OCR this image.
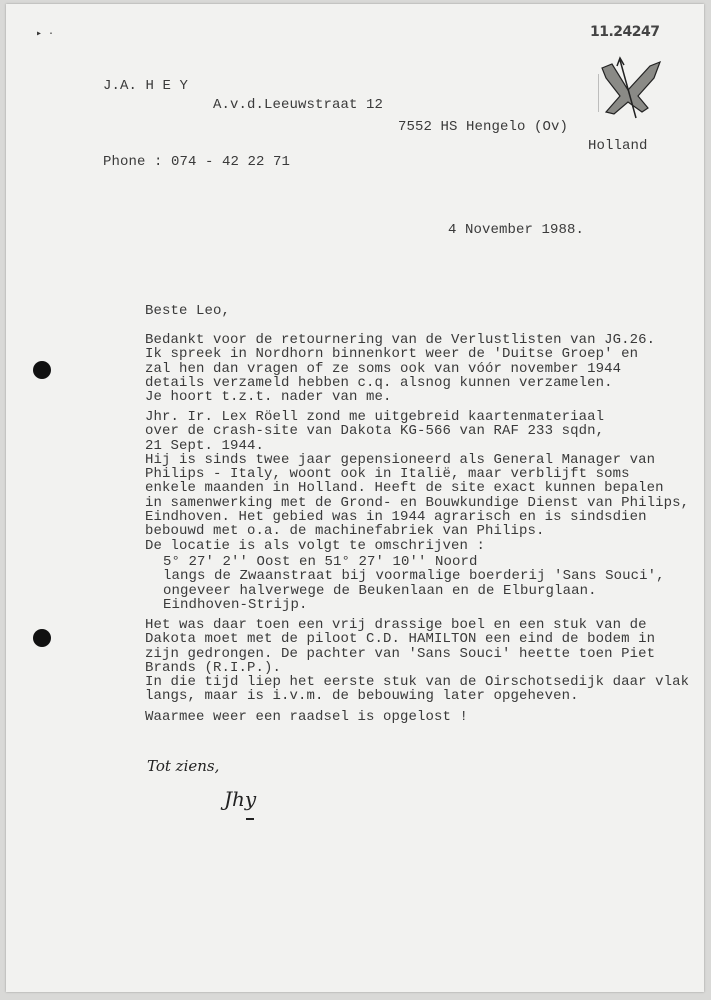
▸ ·	11.24247
J.A. H E Y
A.v.d.Leeuwstraat 12
7552 HS Hengelo (Ov)
Holland
Phone : 074 - 42 22 71
4 November 1988.
Beste Leo,
Bedankt voor de retournering van de Verlustlisten van JG.26.
Ik spreek in Nordhorn binnenkort weer de 'Duitse Groep' en
zal hen dan vragen of ze soms ook van vóór november 1944
details verzameld hebben c.q. alsnog kunnen verzamelen.
Je hoort t.z.t. nader van me.
Jhr. Ir. Lex Röell zond me uitgebreid kaartenmateriaal
over de crash-site van Dakota KG-566 van RAF 233 sqdn,
21 Sept. 1944.
Hij is sinds twee jaar gepensioneerd als General Manager van
Philips - Italy, woont ook in Italië, maar verblijft soms
enkele maanden in Holland. Heeft de site exact kunnen bepalen
in samenwerking met de Grond- en Bouwkundige Dienst van Philips,
Eindhoven. Het gebied was in 1944 agrarisch en is sindsdien
bebouwd met o.a. de machinefabriek van Philips.
De locatie is als volgt te omschrijven :
5° 27' 2'' Oost en 51° 27' 10'' Noord
langs de Zwaanstraat bij voormalige boerderij 'Sans Souci',
ongeveer halverwege de Beukenlaan en de Elburglaan.
Eindhoven-Strijp.
Het was daar toen een vrij drassige boel en een stuk van de
Dakota moet met de piloot C.D. HAMILTON een eind de bodem in
zijn gedrongen. De pachter van 'Sans Souci' heette toen Piet
Brands (R.I.P.).
In die tijd liep het eerste stuk van de Oirschotsedijk daar vlak
langs, maar is i.v.m. de bebouwing later opgeheven.
Waarmee weer een raadsel is opgelost !
Tot ziens,
Jhy
